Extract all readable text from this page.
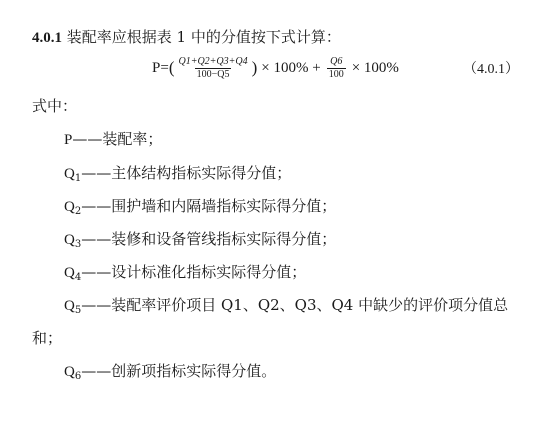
4.0.1 装配率应根据表 1 中的分值按下式计算：
P= ( $\frac{Q1+Q2+Q3+Q4}{100-Q5}$ ) × $100\% + \frac{Q6}{100} \times 100\%$	（4.0.1）
式中：
P——装配率；
$Q_1——$主体结构指标实际得分值；
$Q_2——$围护墙和内隔墙指标实际得分值；
$Q_3——$装修和设备管线指标实际得分值；
$Q_4——$设计标准化指标实际得分值；
$Q_5——$装配率评价项目 Q1、Q2、Q3、Q4 中缺少的评价项分值总
和；
$Q_6——$创新项指标实际得分值。
